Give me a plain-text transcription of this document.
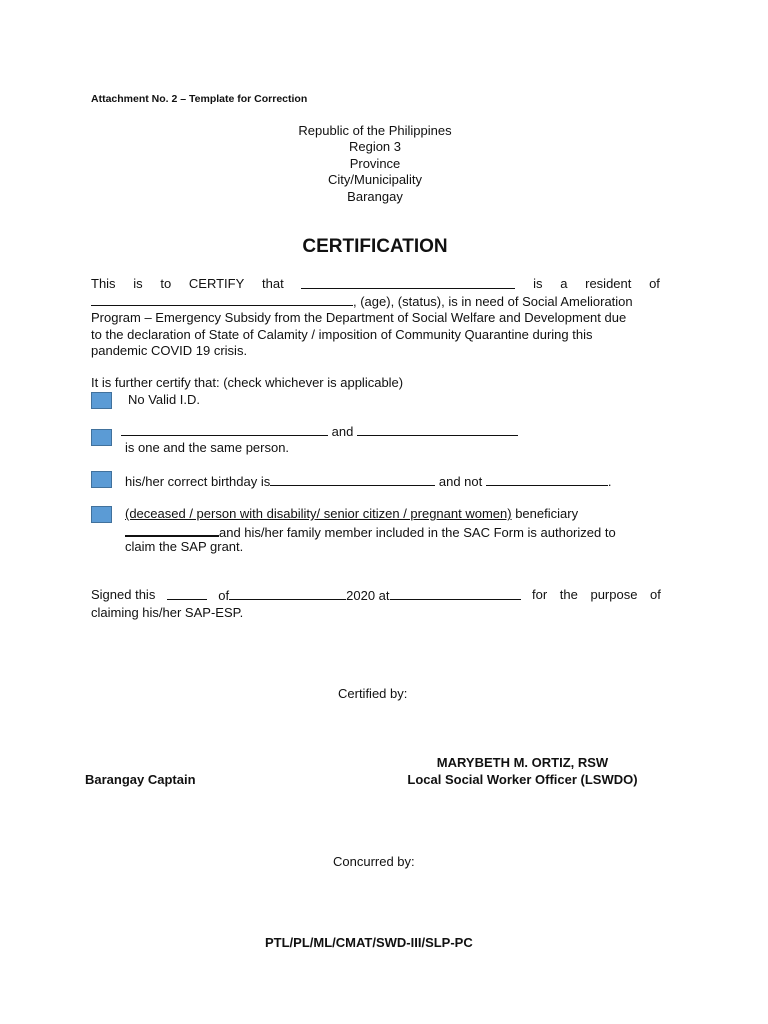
Attachment No. 2 – Template for Correction
Republic of the Philippines
Region 3
Province
City/Municipality
Barangay
CERTIFICATION
This is to CERTIFY that	is a resident of
, (age), (status), is in need of Social Amelioration
Program – Emergency Subsidy from the Department of Social Welfare and Development due
to the declaration of State of Calamity / imposition of Community Quarantine during this
pandemic COVID 19 crisis.
It is further certify that: (check whichever is applicable)
No Valid I.D.
and
is one and the same person.
his/her correct birthday is	and not	.
(deceased / person with disability/ senior citizen / pregnant women) beneficiary
and his/her family member included in the SAC Form is authorized to
claim the SAP grant.
Signed this	of	2020 at	for the purpose of
claiming his/her SAP-ESP.
Certified by:
Barangay Captain
MARYBETH M. ORTIZ, RSW
Local Social Worker Officer (LSWDO)
Concurred by:
PTL/PL/ML/CMAT/SWD-III/SLP-PC
